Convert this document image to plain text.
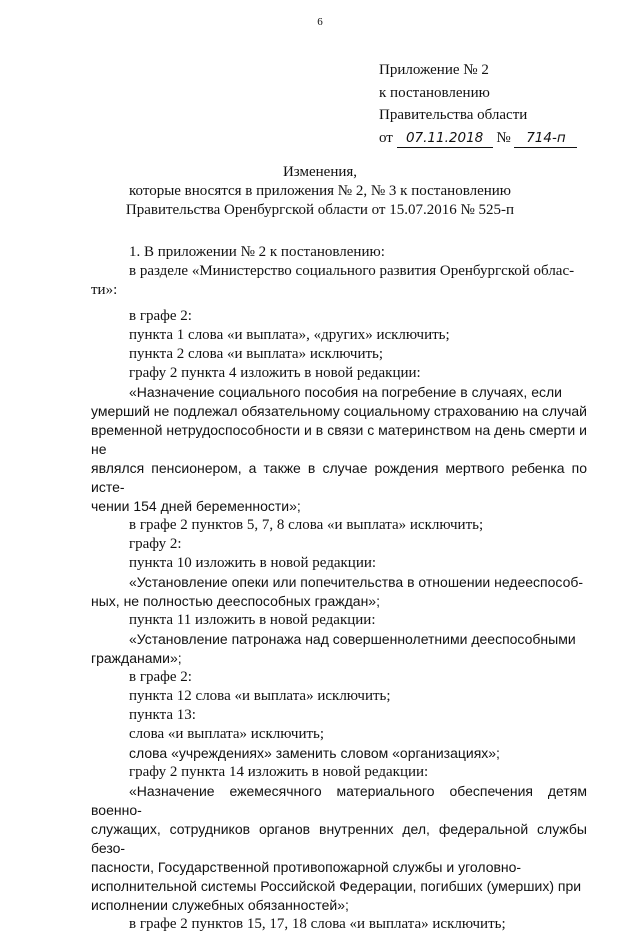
6
Приложение № 2
к постановлению
Правительства области
от 07.11.2018 № 714-п
Изменения,
которые вносятся в приложения № 2, № 3 к постановлению
Правительства Оренбургской области от 15.07.2016 № 525-п

1. В приложении № 2 к постановлению:

в разделе «Министерство социального развития Оренбургской облас-

ти»:

в графе 2:

пункта 1 слова «и выплата», «других» исключить;

пункта 2 слова «и выплата» исключить;

графу 2 пункта 4 изложить в новой редакции:

«Назначение социального пособия на погребение в случаях, если

умерший не подлежал обязательному социальному страхованию на случай

временной нетрудоспособности и в связи с материнством на день смерти и не

являлся пенсионером, а также в случае рождения мертвого ребенка по исте-

чении 154 дней беременности»;

в графе 2 пунктов 5, 7, 8 слова «и выплата» исключить;

графу 2:

пункта 10 изложить в новой редакции:

«Установление опеки или попечительства в отношении недееспособ-

ных, не полностью дееспособных граждан»;

пункта 11 изложить в новой редакции:

«Установление патронажа над совершеннолетними дееспособными

гражданами»;

в графе 2:

пункта 12 слова «и выплата» исключить;

пункта 13:

слова «и выплата» исключить;

слова «учреждениях» заменить словом «организациях»;

графу 2 пункта 14 изложить в новой редакции:

«Назначение ежемесячного материального обеспечения детям военно-

служащих, сотрудников органов внутренних дел, федеральной службы безо-

пасности, Государственной противопожарной службы и уголовно-

исполнительной системы Российской Федерации, погибших (умерших) при

исполнении служебных обязанностей»;

в графе 2 пунктов 15, 17, 18 слова «и выплата» исключить;
